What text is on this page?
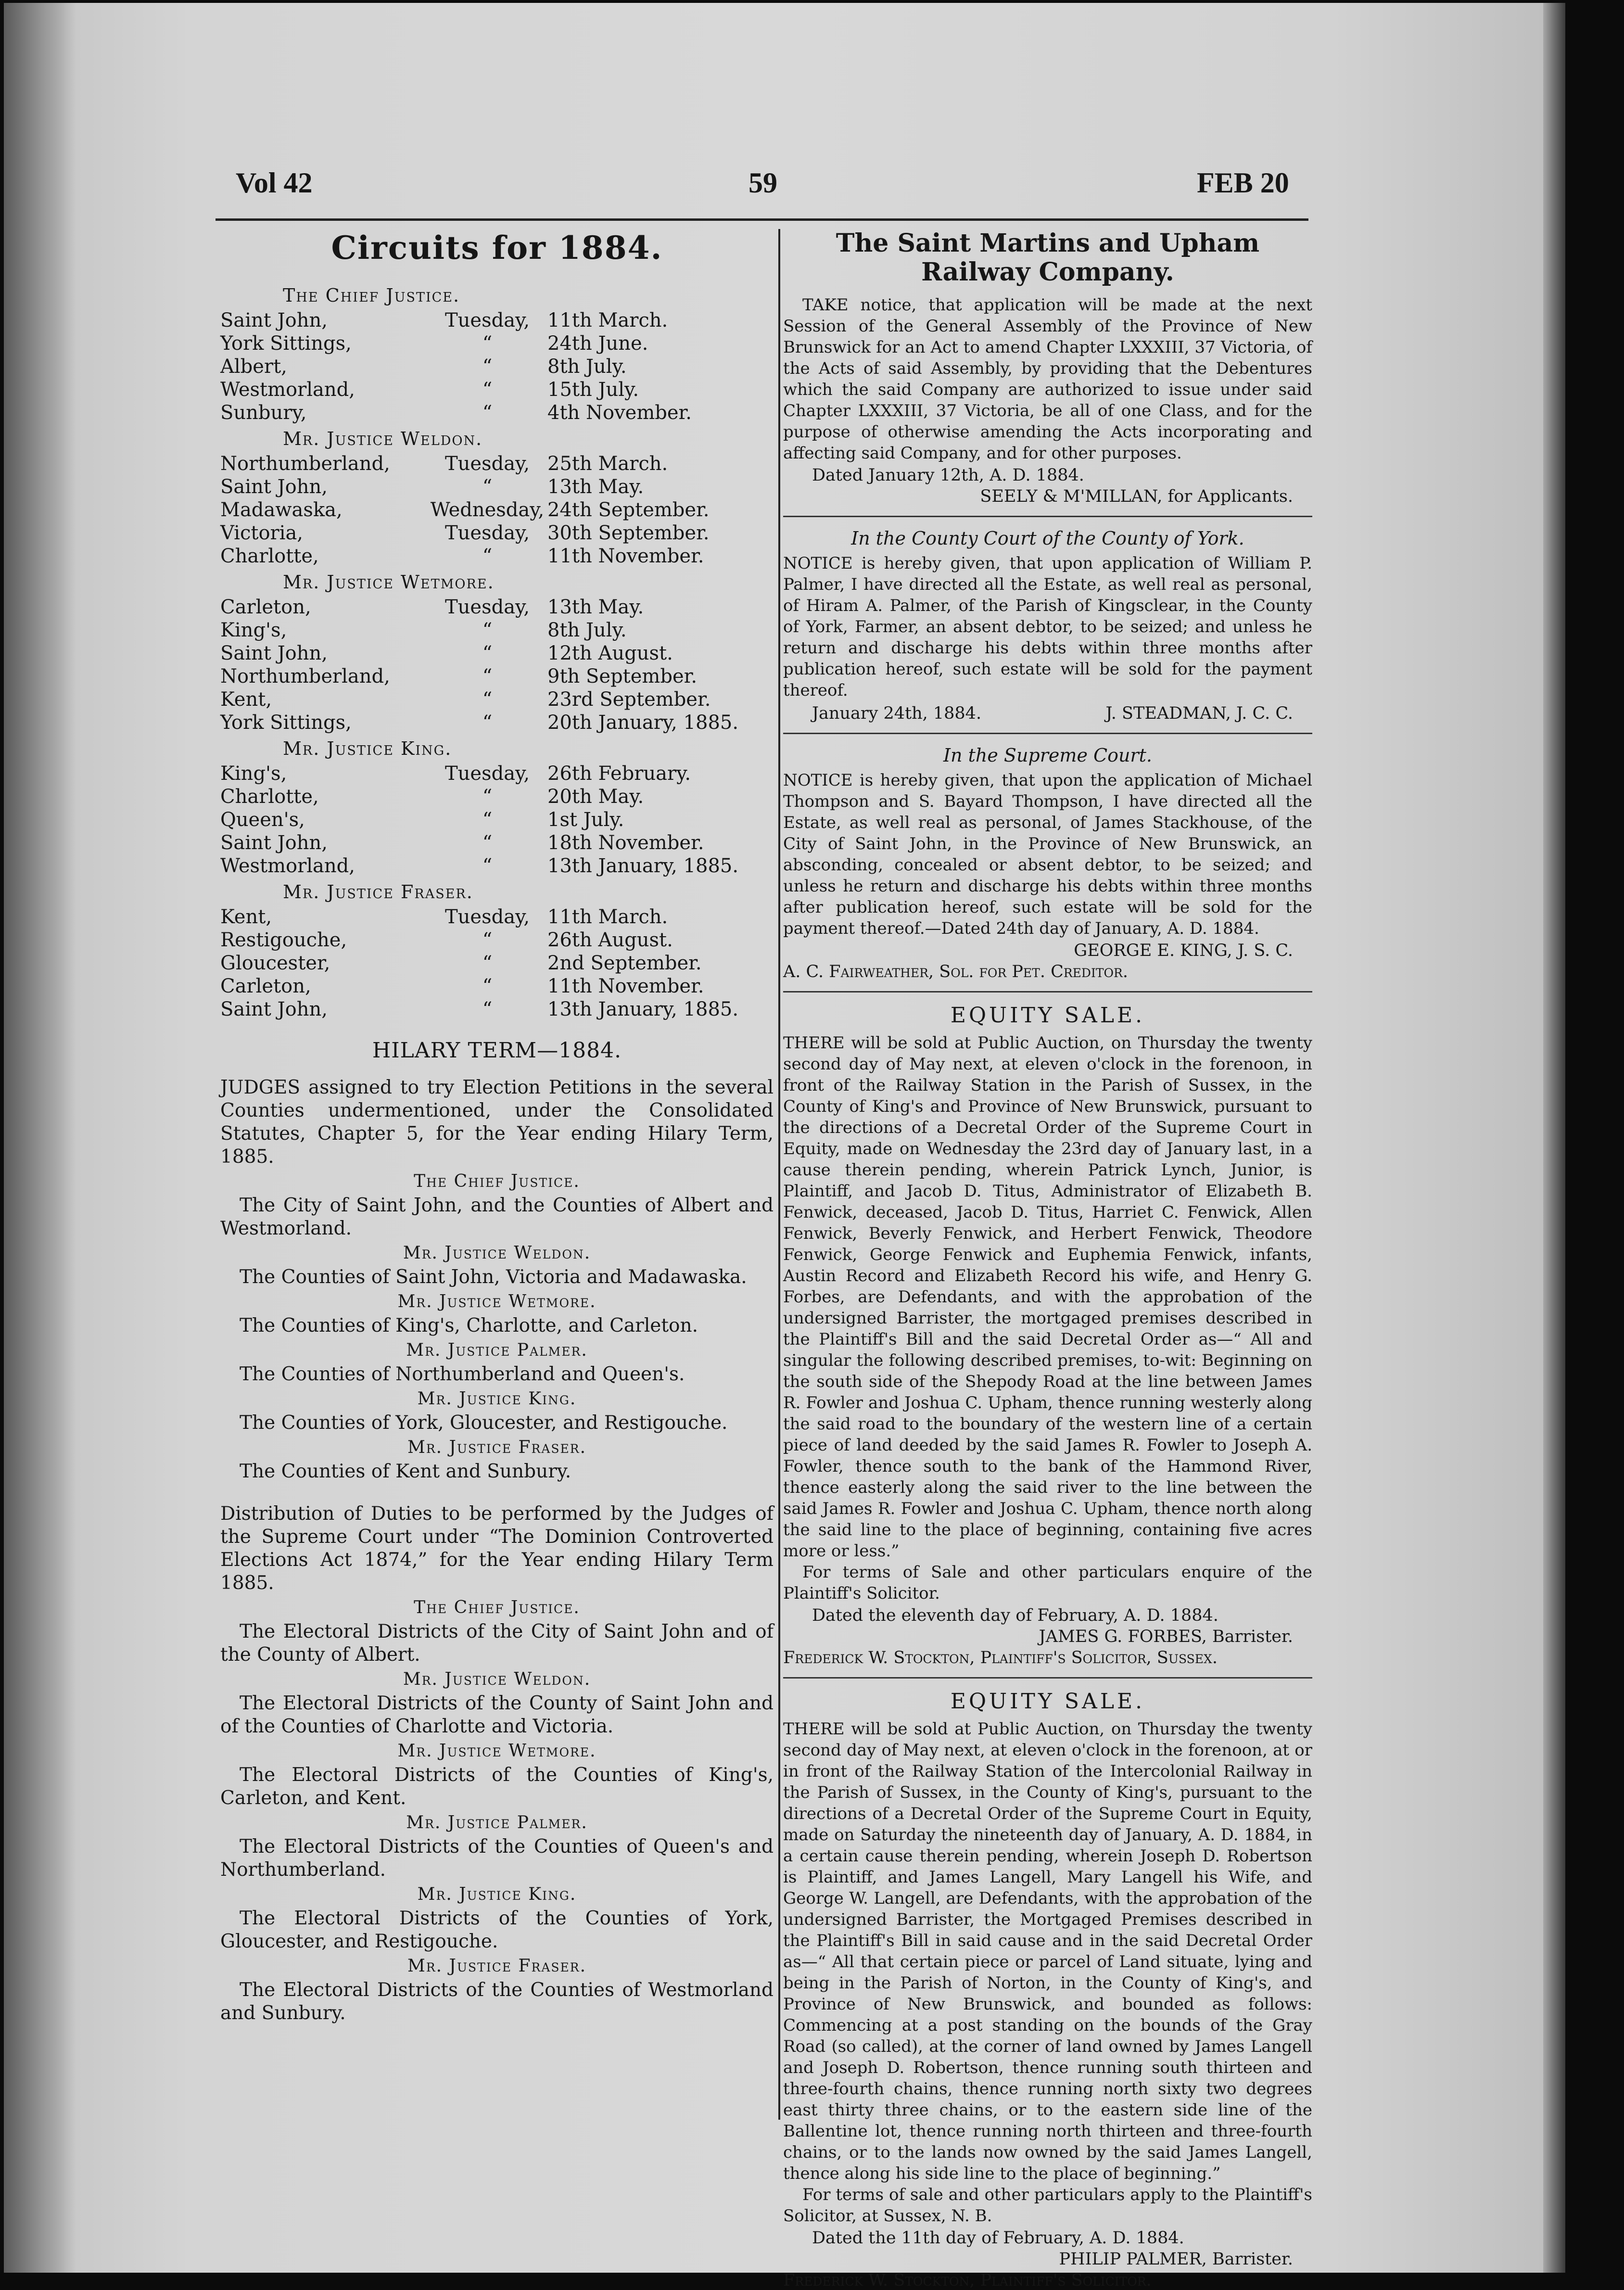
Vol 42	59	FEB 20
Circuits for 1884.
The Chief Justice.
Saint John,	Tuesday, 11th March.
York Sittings,	“	24th June.
Albert,	“	8th July.
Westmorland,	“	15th July.
Sunbury,	“	4th November.
Mr. Justice Weldon.
Northumberland,	Tuesday, 25th March.
Saint John,	“	13th May.
Madawaska,	Wednesday, 24th September.
Victoria,	Tuesday, 30th September.
Charlotte,	“	11th November.
Mr. Justice Wetmore.
Carleton,	Tuesday, 13th May.
King's,	“	8th July.
Saint John,	“	12th August.
Northumberland,	“	9th September.
Kent,	“	23rd September.
York Sittings,	“	20th January, 1885.
Mr. Justice King.
King's,	Tuesday, 26th February.
Charlotte,	“	20th May.
Queen's,	“	1st July.
Saint John,	“	18th November.
Westmorland,	“	13th January, 1885.
Mr. Justice Fraser.
Kent,	Tuesday, 11th March.
Restigouche,	“	26th August.
Gloucester,	“	2nd September.
Carleton,	“	11th November.
Saint John,	“	13th January, 1885.
HILARY TERM—1884.

JUDGES assigned to try Election Petitions in the several Counties undermentioned, under the Consolidated Statutes, Chapter 5, for the Year ending Hilary Term, 1885.

The Chief Justice.

The City of Saint John, and the Counties of Albert and Westmorland.

Mr. Justice Weldon.

The Counties of Saint John, Victoria and Madawaska.

Mr. Justice Wetmore.

The Counties of King's, Charlotte, and Carleton.

Mr. Justice Palmer.

The Counties of Northumberland and Queen's.

Mr. Justice King.

The Counties of York, Gloucester, and Restigouche.

Mr. Justice Fraser.

The Counties of Kent and Sunbury.

Distribution of Duties to be performed by the Judges of the Supreme Court under “The Dominion Controverted Elections Act 1874,” for the Year ending Hilary Term 1885.

The Chief Justice.

The Electoral Districts of the City of Saint John and of the County of Albert.

Mr. Justice Weldon.

The Electoral Districts of the County of Saint John and of the Counties of Charlotte and Victoria.

Mr. Justice Wetmore.

The Electoral Districts of the Counties of King's, Carleton, and Kent.

Mr. Justice Palmer.

The Electoral Districts of the Counties of Queen's and Northumberland.

Mr. Justice King.

The Electoral Districts of the Counties of York, Gloucester, and Restigouche.

Mr. Justice Fraser.

The Electoral Districts of the Counties of Westmorland and Sunbury.

The Saint Martins and Upham Railway Company.

TAKE notice, that application will be made at the next Session of the General Assembly of the Province of New Brunswick for an Act to amend Chapter LXXXIII, 37 Victoria, of the Acts of said Assembly, by providing that the Debentures which the said Company are authorized to issue under said Chapter LXXXIII, 37 Victoria, be all of one Class, and for the purpose of otherwise amending the Acts incorporating and affecting said Company, and for other purposes.

Dated January 12th, A. D. 1884.
SEELY & M'MILLAN, for Applicants.
In the County Court of the County of York.

NOTICE is hereby given, that upon application of William P. Palmer, I have directed all the Estate, as well real as personal, of Hiram A. Palmer, of the Parish of Kingsclear, in the County of York, Farmer, an absent debtor, to be seized; and unless he return and discharge his debts within three months after publication hereof, such estate will be sold for the payment thereof.

January 24th, 1884.	J. STEADMAN, J. C. C.
In the Supreme Court.

NOTICE is hereby given, that upon the application of Michael Thompson and S. Bayard Thompson, I have directed all the Estate, as well real as personal, of James Stackhouse, of the City of Saint John, in the Province of New Brunswick, an absconding, concealed or absent debtor, to be seized; and unless he return and discharge his debts within three months after publication hereof, such estate will be sold for the payment thereof.—Dated 24th day of January, A. D. 1884.

GEORGE E. KING, J. S. C.
A. C. Fairweather, Sol. for Pet. Creditor.
EQUITY SALE.

THERE will be sold at Public Auction, on Thursday the twenty second day of May next, at eleven o'clock in the forenoon, in front of the Railway Station in the Parish of Sussex, in the County of King's and Province of New Brunswick, pursuant to the directions of a Decretal Order of the Supreme Court in Equity, made on Wednesday the 23rd day of January last, in a cause therein pending, wherein Patrick Lynch, Junior, is Plaintiff, and Jacob D. Titus, Administrator of Elizabeth B. Fenwick, deceased, Jacob D. Titus, Harriet C. Fenwick, Allen Fenwick, Beverly Fenwick, and Herbert Fenwick, Theodore Fenwick, George Fenwick and Euphemia Fenwick, infants, Austin Record and Elizabeth Record his wife, and Henry G. Forbes, are Defendants, and with the approbation of the undersigned Barrister, the mortgaged premises described in the Plaintiff's Bill and the said Decretal Order as—“ All and singular the following described premises, to-wit: Beginning on the south side of the Shepody Road at the line between James R. Fowler and Joshua C. Upham, thence running westerly along the said road to the boundary of the western line of a certain piece of land deeded by the said James R. Fowler to Joseph A. Fowler, thence south to the bank of the Hammond River, thence easterly along the said river to the line between the said James R. Fowler and Joshua C. Upham, thence north along the said line to the place of beginning, containing five acres more or less.”

For terms of Sale and other particulars enquire of the Plaintiff's Solicitor.

Dated the eleventh day of February, A. D. 1884.
JAMES G. FORBES, Barrister.
Frederick W. Stockton, Plaintiff's Solicitor, Sussex.
EQUITY SALE.

THERE will be sold at Public Auction, on Thursday the twenty second day of May next, at eleven o'clock in the forenoon, at or in front of the Railway Station of the Intercolonial Railway in the Parish of Sussex, in the County of King's, pursuant to the directions of a Decretal Order of the Supreme Court in Equity, made on Saturday the nineteenth day of January, A. D. 1884, in a certain cause therein pending, wherein Joseph D. Robertson is Plaintiff, and James Langell, Mary Langell his Wife, and George W. Langell, are Defendants, with the approbation of the undersigned Barrister, the Mortgaged Premises described in the Plaintiff's Bill in said cause and in the said Decretal Order as—“ All that certain piece or parcel of Land situate, lying and being in the Parish of Norton, in the County of King's, and Province of New Brunswick, and bounded as follows: Commencing at a post standing on the bounds of the Gray Road (so called), at the corner of land owned by James Langell and Joseph D. Robertson, thence running south thirteen and three-fourth chains, thence running north sixty two degrees east thirty three chains, or to the eastern side line of the Ballentine lot, thence running north thirteen and three-fourth chains, or to the lands now owned by the said James Langell, thence along his side line to the place of beginning.”

For terms of sale and other particulars apply to the Plaintiff's Solicitor, at Sussex, N. B.

Dated the 11th day of February, A. D. 1884.
PHILIP PALMER, Barrister.
Frederick W. Stockton, Plaintiff's Solicitor.
